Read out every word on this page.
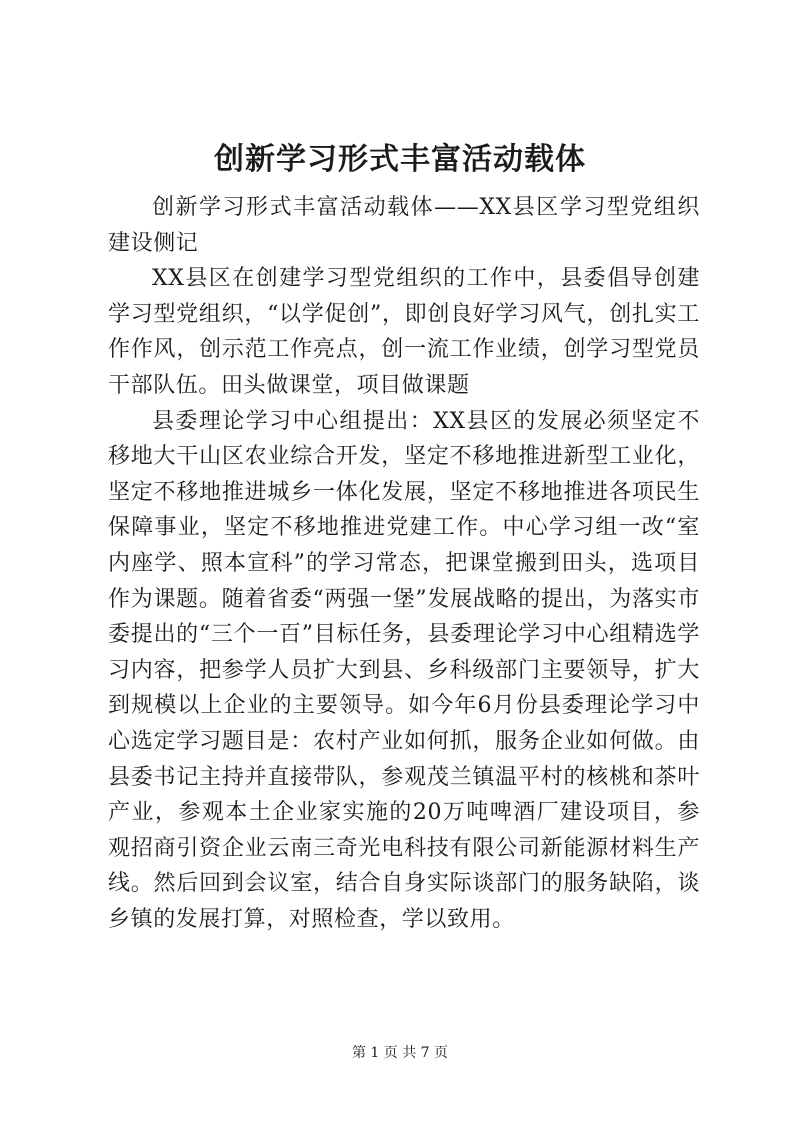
创新学习形式丰富活动载体

创新学习形式丰富活动载体——XX县区学习型党组织建设侧记

XX县区在创建学习型党组织的工作中，县委倡导创建学习型党组织，“以学促创”，即创良好学习风气，创扎实工作作风，创示范工作亮点，创一流工作业绩，创学习型党员干部队伍。田头做课堂，项目做课题

县委理论学习中心组提出：XX县区的发展必须坚定不移地大干山区农业综合开发，坚定不移地推进新型工业化，坚定不移地推进城乡一体化发展，坚定不移地推进各项民生保障事业，坚定不移地推进党建工作。中心学习组一改“室内座学、照本宣科”的学习常态，把课堂搬到田头，选项目作为课题。随着省委“两强一堡”发展战略的提出，为落实市委提出的“三个一百”目标任务，县委理论学习中心组精选学习内容，把参学人员扩大到县、乡科级部门主要领导，扩大到规模以上企业的主要领导。如今年6月份县委理论学习中心选定学习题目是：农村产业如何抓，服务企业如何做。由县委书记主持并直接带队，参观茂兰镇温平村的核桃和茶叶产业，参观本土企业家实施的20万吨啤酒厂建设项目，参观招商引资企业云南三奇光电科技有限公司新能源材料生产线。然后回到会议室，结合自身实际谈部门的服务缺陷，谈乡镇的发展打算，对照检查，学以致用。

第 1 页 共 7 页
